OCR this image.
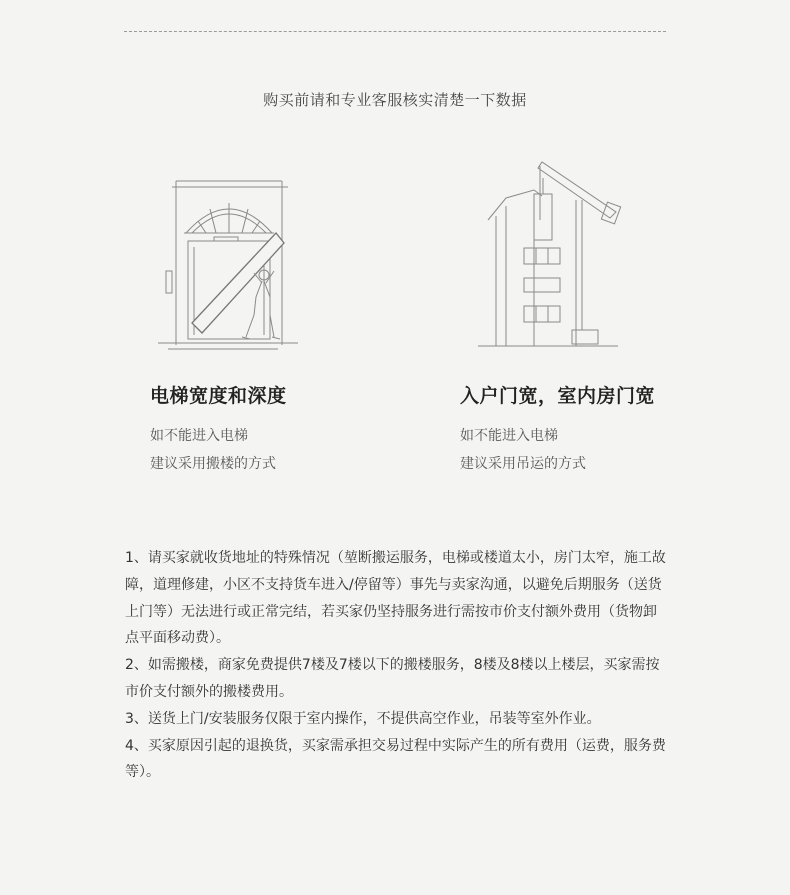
购买前请和专业客服核实清楚一下数据
电梯宽度和深度
如不能进入电梯
建议采用搬楼的方式
入户门宽，室内房门宽
如不能进入电梯
建议采用吊运的方式

1、请买家就收货地址的特殊情况（堃断搬运服务，电梯或楼道太小，房门太窄，施工故障，道理修建，小区不支持货车进入/停留等）事先与卖家沟通，以避免后期服务（送货上门等）无法进行或正常完结，若买家仍坚持服务进行需按市价支付额外费用（货物卸点平面移动费）。

2、如需搬楼，商家免费提供7楼及7楼以下的搬楼服务，8楼及8楼以上楼层，买家需按市价支付额外的搬楼费用。

3、送货上门/安装服务仅限于室内操作，不提供高空作业，吊装等室外作业。

4、买家原因引起的退换货，买家需承担交易过程中实际产生的所有费用（运费，服务费等）。
